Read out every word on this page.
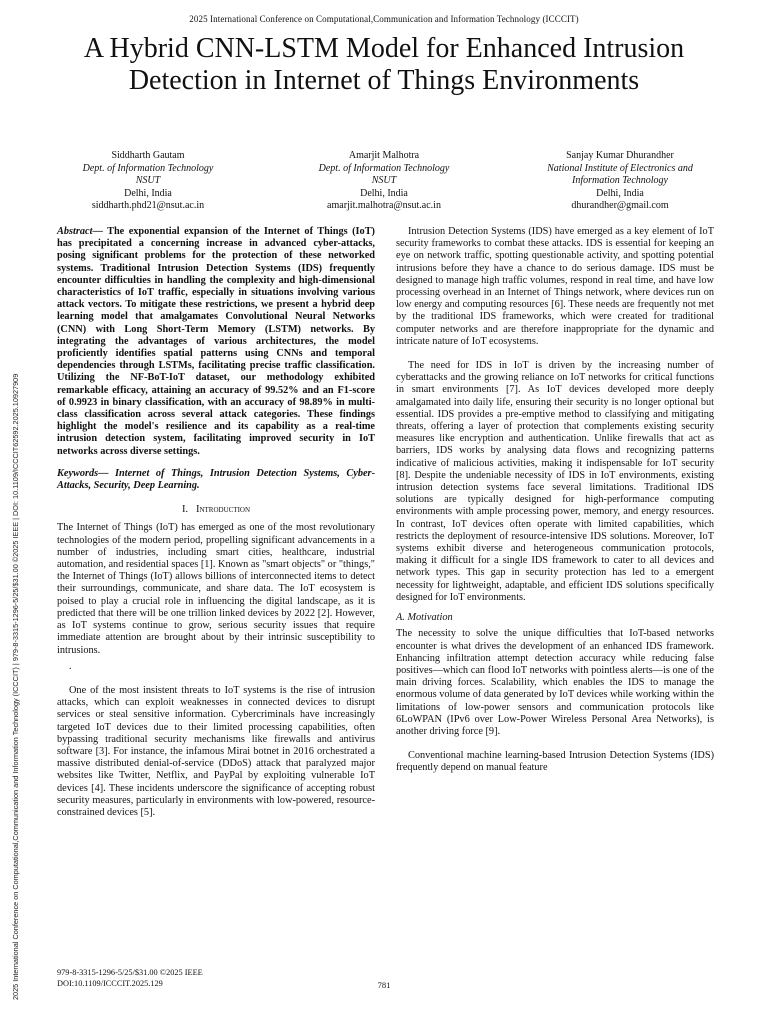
2025 International Conference on Computational,Communication and Information Technology (ICCCIT)
A Hybrid CNN-LSTM Model for Enhanced Intrusion Detection in Internet of Things Environments
Siddharth Gautam
Dept. of Information Technology
NSUT
Delhi, India
siddharth.phd21@nsut.ac.in
Amarjit Malhotra
Dept. of Information Technology
NSUT
Delhi, India
amarjit.malhotra@nsut.ac.in
Sanjay Kumar Dhurandher
National Institute of Electronics and
Information Technology
Delhi, India
dhurandher@gmail.com
2025 International Conference on Computational,Communication and Information Technology (ICCCIT) | 979-8-3315-1296-5/25/$31.00 ©2025 IEEE | DOI: 10.1109/ICCCIT62592.2025.10927909

Abstract— The exponential expansion of the Internet of Things (IoT) has precipitated a concerning increase in advanced cyber-attacks, posing significant problems for the protection of these networked systems. Traditional Intrusion Detection Systems (IDS) frequently encounter difficulties in handling the complexity and high-dimensional characteristics of IoT traffic, especially in situations involving various attack vectors. To mitigate these restrictions, we present a hybrid deep learning model that amalgamates Convolutional Neural Networks (CNN) with Long Short-Term Memory (LSTM) networks. By integrating the advantages of various architectures, the model proficiently identifies spatial patterns using CNNs and temporal dependencies through LSTMs, facilitating precise traffic classification. Utilizing the NF-BoT-IoT dataset, our methodology exhibited remarkable efficacy, attaining an accuracy of 99.52% and an F1-score of 0.9923 in binary classification, with an accuracy of 98.89% in multi-class classification across several attack categories. These findings highlight the model's resilience and its capability as a real-time intrusion detection system, facilitating improved security in IoT networks across diverse settings.

Keywords— Internet of Things, Intrusion Detection Systems, Cyber-Attacks, Security, Deep Learning.

I. Introduction

The Internet of Things (IoT) has emerged as one of the most revolutionary technologies of the modern period, propelling significant advancements in a number of industries, including smart cities, healthcare, industrial automation, and residential spaces [1]. Known as "smart objects" or "things," the Internet of Things (IoT) allows billions of interconnected items to detect their surroundings, communicate, and share data. The IoT ecosystem is poised to play a crucial role in influencing the digital landscape, as it is predicted that there will be one trillion linked devices by 2022 [2]. However, as IoT systems continue to grow, serious security issues that require immediate attention are brought about by their intrinsic susceptibility to intrusions.

.

One of the most insistent threats to IoT systems is the rise of intrusion attacks, which can exploit weaknesses in connected devices to disrupt services or steal sensitive information. Cybercriminals have increasingly targeted IoT devices due to their limited processing capabilities, often bypassing traditional security mechanisms like firewalls and antivirus software [3]. For instance, the infamous Mirai botnet in 2016 orchestrated a massive distributed denial-of-service (DDoS) attack that paralyzed major websites like Twitter, Netflix, and PayPal by exploiting vulnerable IoT devices [4]. These incidents underscore the significance of accepting robust security measures, particularly in environments with low-powered, resource-constrained devices [5].

Intrusion Detection Systems (IDS) have emerged as a key element of IoT security frameworks to combat these attacks. IDS is essential for keeping an eye on network traffic, spotting questionable activity, and spotting potential intrusions before they have a chance to do serious damage. IDS must be designed to manage high traffic volumes, respond in real time, and have low processing overhead in an Internet of Things network, where devices run on low energy and computing resources [6]. These needs are frequently not met by the traditional IDS frameworks, which were created for traditional computer networks and are therefore inappropriate for the dynamic and intricate nature of IoT ecosystems.

The need for IDS in IoT is driven by the increasing number of cyberattacks and the growing reliance on IoT networks for critical functions in smart environments [7]. As IoT devices developed more deeply amalgamated into daily life, ensuring their security is no longer optional but essential. IDS provides a pre-emptive method to classifying and mitigating threats, offering a layer of protection that complements existing security measures like encryption and authentication. Unlike firewalls that act as barriers, IDS works by analysing data flows and recognizing patterns indicative of malicious activities, making it indispensable for IoT security [8]. Despite the undeniable necessity of IDS in IoT environments, existing intrusion detection systems face several limitations. Traditional IDS solutions are typically designed for high-performance computing environments with ample processing power, memory, and energy resources. In contrast, IoT devices often operate with limited capabilities, which restricts the deployment of resource-intensive IDS solutions. Moreover, IoT systems exhibit diverse and heterogeneous communication protocols, making it difficult for a single IDS framework to cater to all devices and network types. This gap in security protection has led to a emergent necessity for lightweight, adaptable, and efficient IDS solutions specifically designed for IoT environments.

A. Motivation

The necessity to solve the unique difficulties that IoT-based networks encounter is what drives the development of an enhanced IDS framework. Enhancing infiltration attempt detection accuracy while reducing false positives—which can flood IoT networks with pointless alerts—is one of the main driving forces. Scalability, which enables the IDS to manage the enormous volume of data generated by IoT devices while working within the limitations of low-power sensors and communication protocols like 6LoWPAN (IPv6 over Low-Power Wireless Personal Area Networks), is another driving force [9].

Conventional machine learning-based Intrusion Detection Systems (IDS) frequently depend on manual feature

979-8-3315-1296-5/25/$31.00 ©2025 IEEE
DOI:10.1109/ICCCIT.2025.129	781
